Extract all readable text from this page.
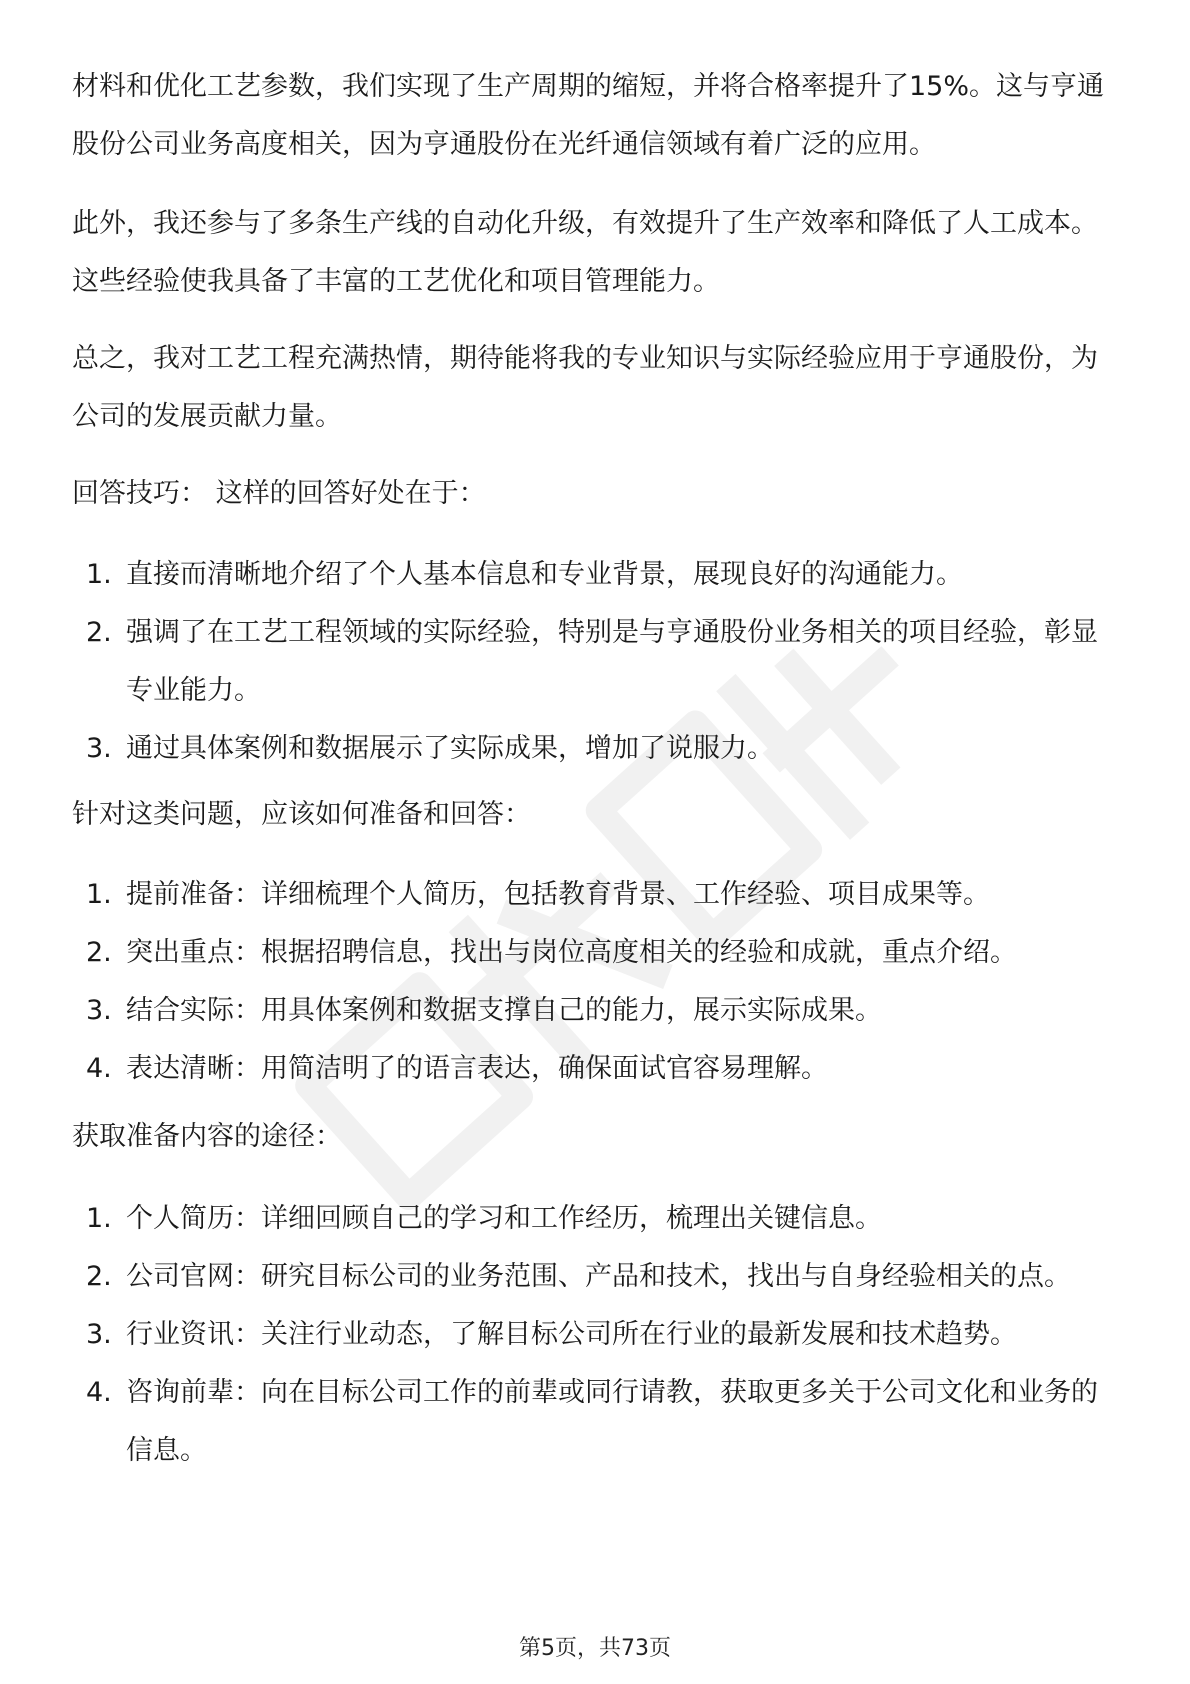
材料和优化工艺参数，我们实现了生产周期的缩短，并将合格率提升了15%。这与亨通股份公司业务高度相关，因为亨通股份在光纤通信领域有着广泛的应用。

此外，我还参与了多条生产线的自动化升级，有效提升了生产效率和降低了人工成本。这些经验使我具备了丰富的工艺优化和项目管理能力。

总之，我对工艺工程充满热情，期待能将我的专业知识与实际经验应用于亨通股份，为公司的发展贡献力量。

回答技巧： 这样的回答好处在于：

1. 直接而清晰地介绍了个人基本信息和专业背景，展现良好的沟通能力。
2. 强调了在工艺工程领域的实际经验，特别是与亨通股份业务相关的项目经验，彰显专业能力。
3. 通过具体案例和数据展示了实际成果，增加了说服力。

针对这类问题，应该如何准备和回答：

1. 提前准备：详细梳理个人简历，包括教育背景、工作经验、项目成果等。
2. 突出重点：根据招聘信息，找出与岗位高度相关的经验和成就，重点介绍。
3. 结合实际：用具体案例和数据支撑自己的能力，展示实际成果。
4. 表达清晰：用简洁明了的语言表达，确保面试官容易理解。

获取准备内容的途径：

1. 个人简历：详细回顾自己的学习和工作经历，梳理出关键信息。
2. 公司官网：研究目标公司的业务范围、产品和技术，找出与自身经验相关的点。
3. 行业资讯：关注行业动态，了解目标公司所在行业的最新发展和技术趋势。
4. 咨询前辈：向在目标公司工作的前辈或同行请教，获取更多关于公司文化和业务的信息。
第5页，共73页
